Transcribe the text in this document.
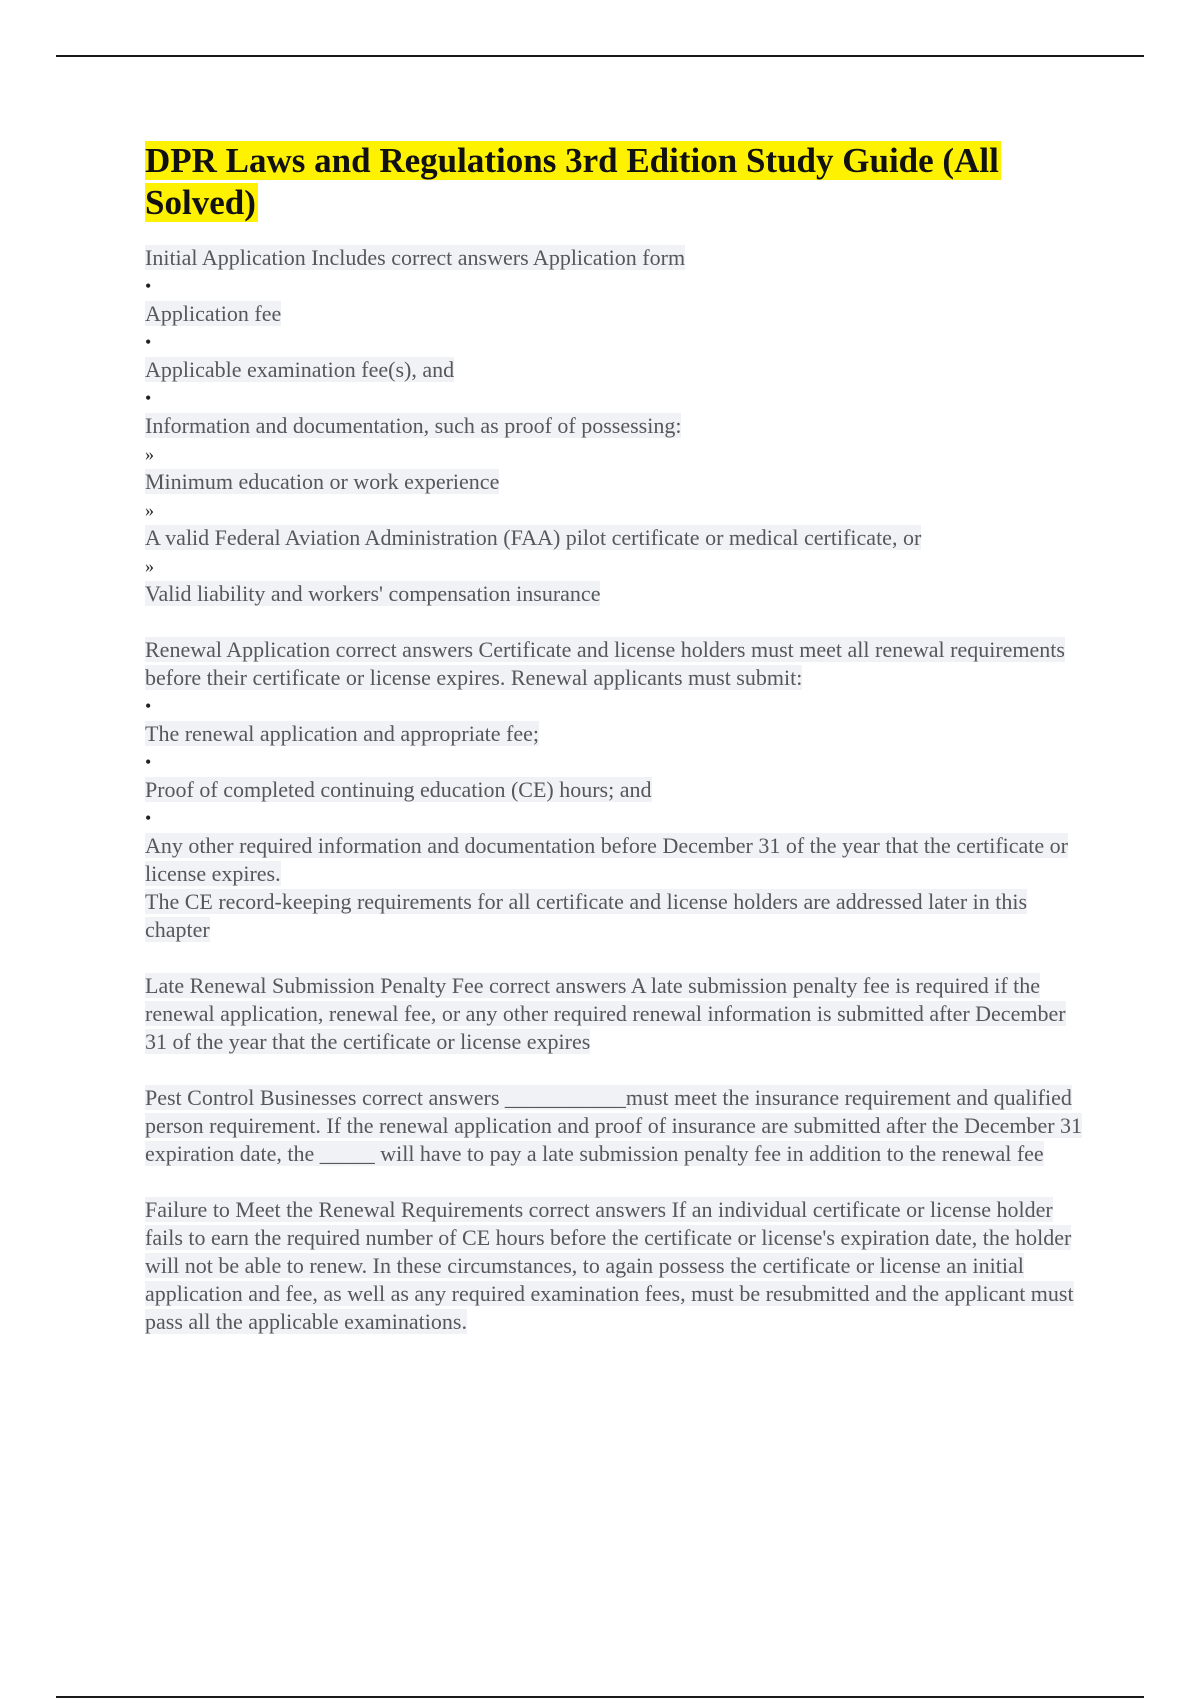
DPR Laws and Regulations 3rd Edition Study Guide (All Solved)
Initial Application Includes correct answers Application form
•
Application fee
•
Applicable examination fee(s), and
•
Information and documentation, such as proof of possessing:
»
Minimum education or work experience
»
A valid Federal Aviation Administration (FAA) pilot certificate or medical certificate, or
»
Valid liability and workers' compensation insurance
Renewal Application correct answers Certificate and license holders must meet all renewal requirements before their certificate or license expires. Renewal applicants must submit:
•
The renewal application and appropriate fee;
•
Proof of completed continuing education (CE) hours; and
•
Any other required information and documentation before December 31 of the year that the certificate or license expires.
The CE record-keeping requirements for all certificate and license holders are addressed later in this chapter
Late Renewal Submission Penalty Fee correct answers A late submission penalty fee is required if the renewal application, renewal fee, or any other required renewal information is submitted after December 31 of the year that the certificate or license expires
Pest Control Businesses correct answers ___________must meet the insurance requirement and qualified person requirement. If the renewal application and proof of insurance are submitted after the December 31 expiration date, the _____ will have to pay a late submission penalty fee in addition to the renewal fee
Failure to Meet the Renewal Requirements correct answers If an individual certificate or license holder fails to earn the required number of CE hours before the certificate or license's expiration date, the holder will not be able to renew. In these circumstances, to again possess the certificate or license an initial application and fee, as well as any required examination fees, must be resubmitted and the applicant must pass all the applicable examinations.
